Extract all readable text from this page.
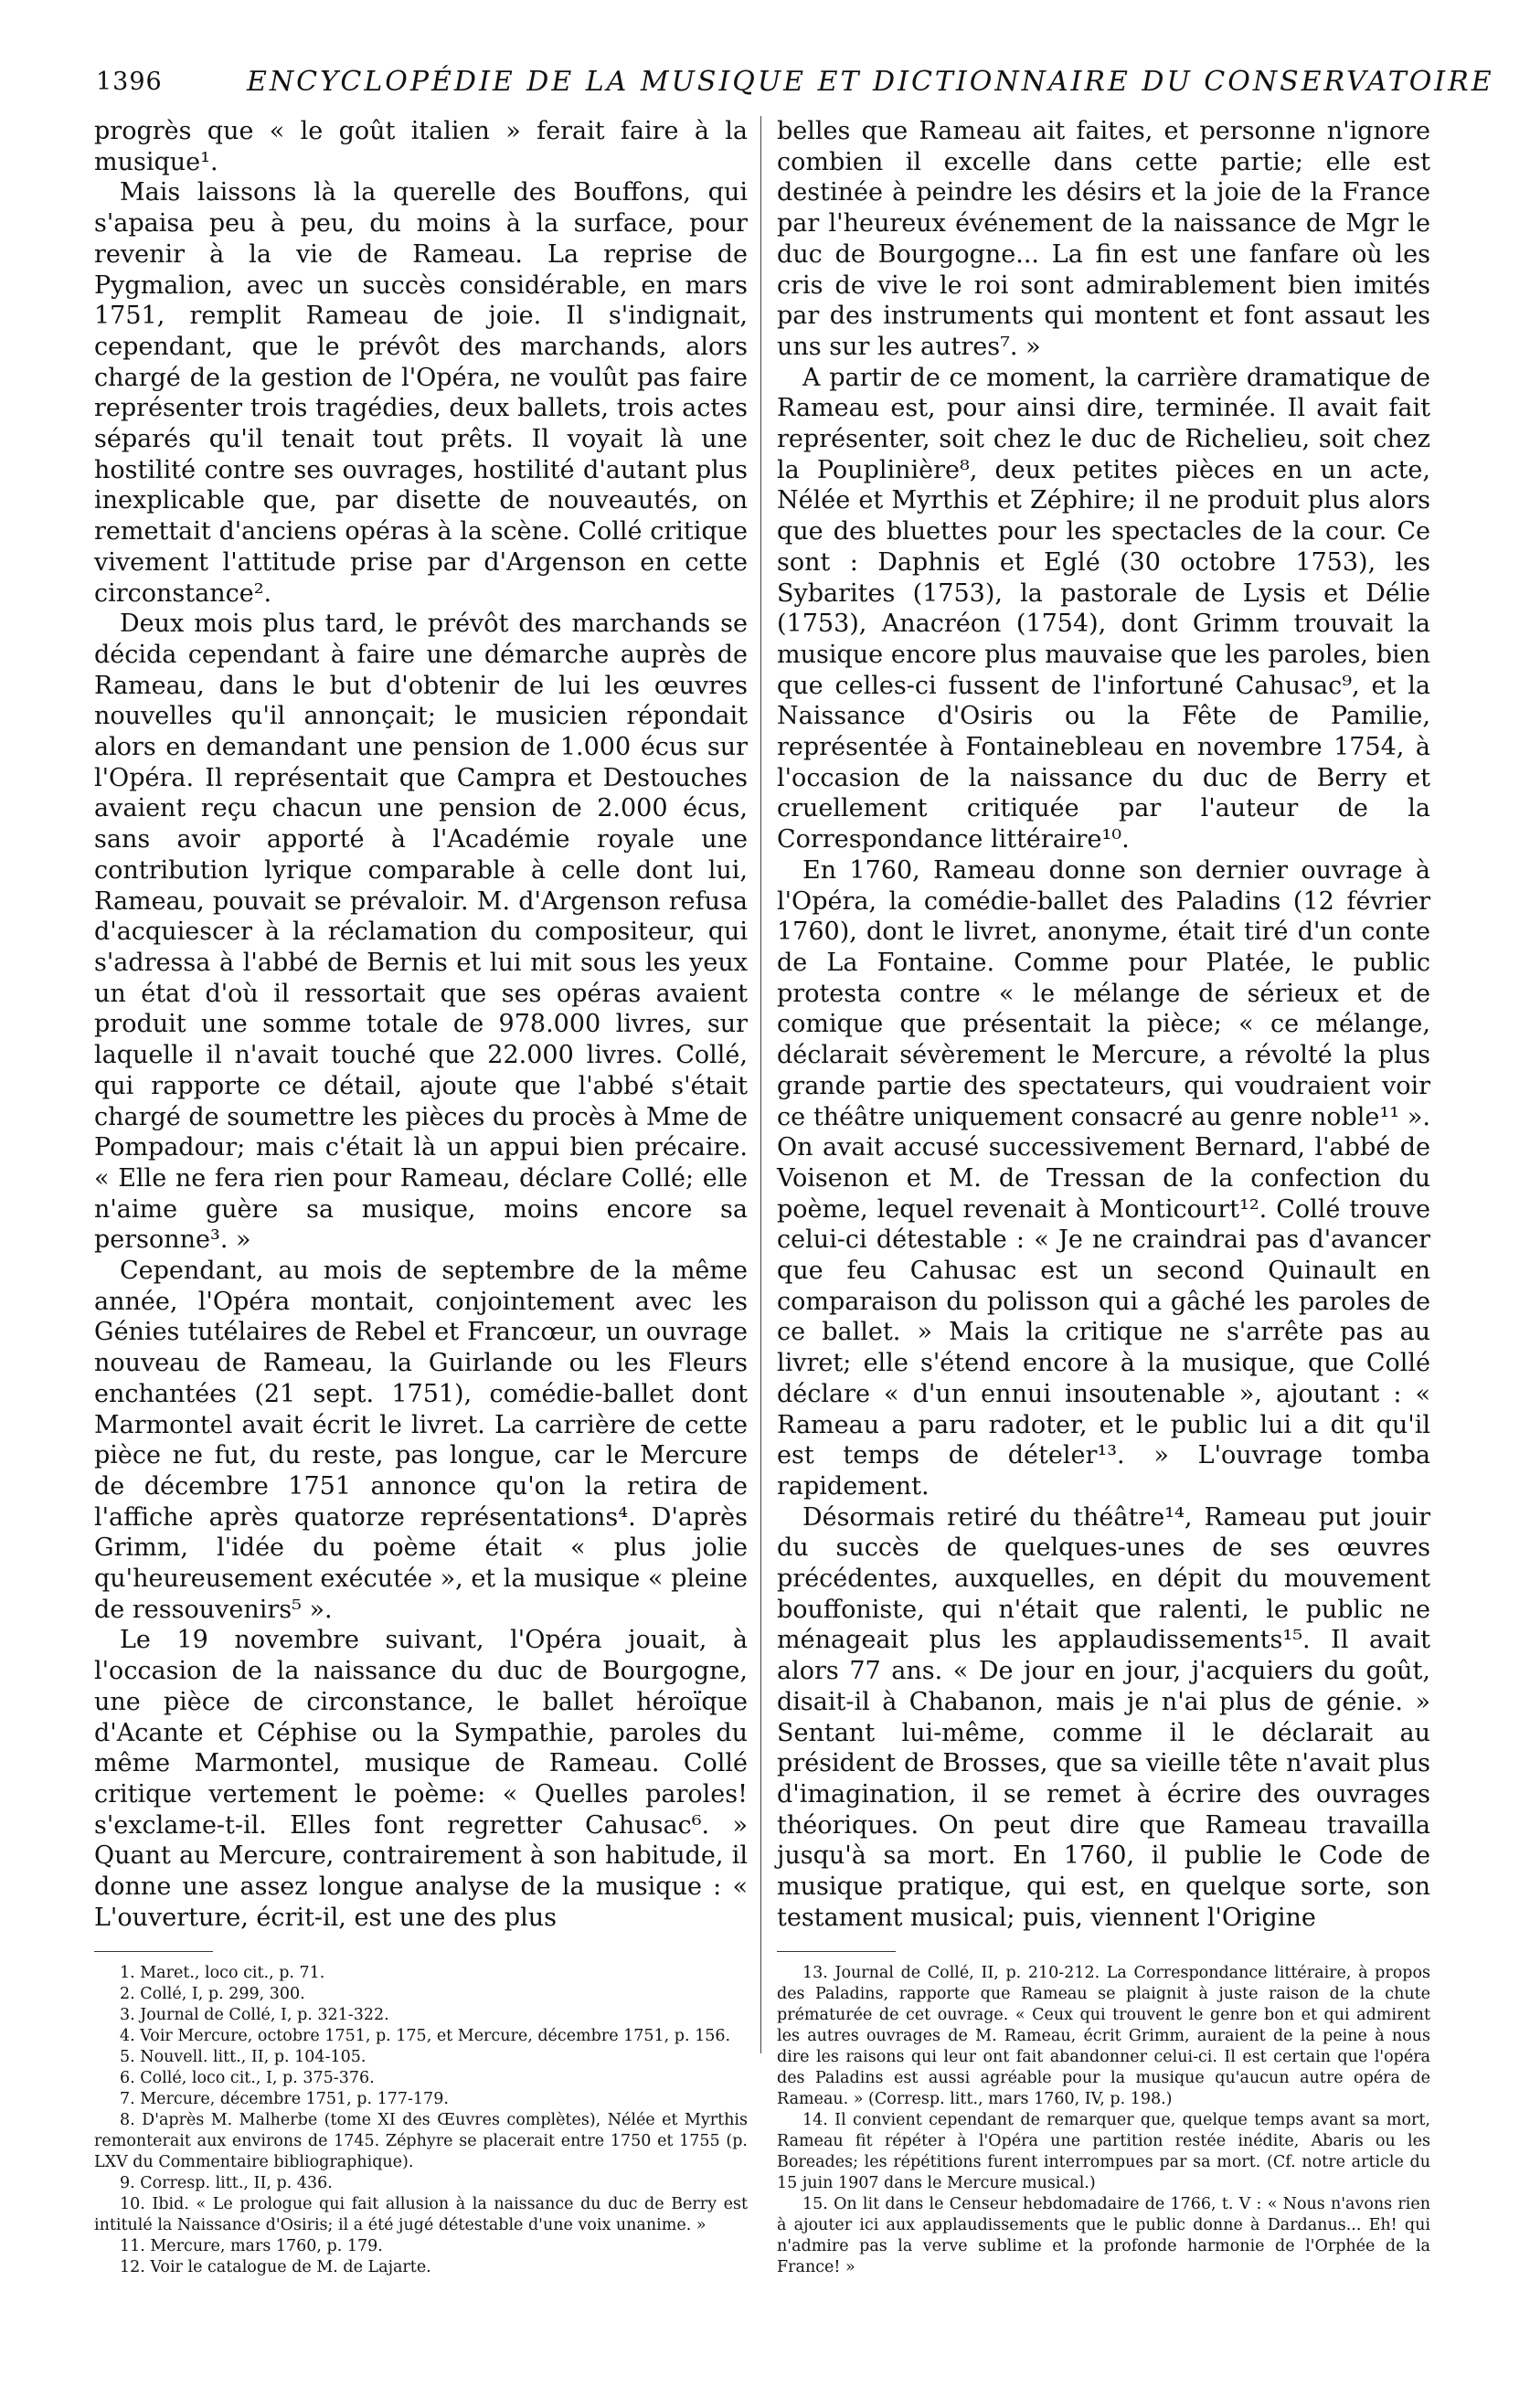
1396	ENCYCLOPÉDIE DE LA MUSIQUE ET DICTIONNAIRE DU CONSERVATOIRE

progrès que « le goût italien » ferait faire à la musique¹.

Mais laissons là la querelle des Bouffons, qui s'apaisa peu à peu, du moins à la surface, pour revenir à la vie de Rameau. La reprise de Pygmalion, avec un succès considérable, en mars 1751, remplit Rameau de joie. Il s'indignait, cependant, que le prévôt des marchands, alors chargé de la gestion de l'Opéra, ne voulût pas faire représenter trois tragédies, deux ballets, trois actes séparés qu'il tenait tout prêts. Il voyait là une hostilité contre ses ouvrages, hostilité d'autant plus inexplicable que, par disette de nouveautés, on remettait d'anciens opéras à la scène. Collé critique vivement l'attitude prise par d'Argenson en cette circonstance².

Deux mois plus tard, le prévôt des marchands se décida cependant à faire une démarche auprès de Rameau, dans le but d'obtenir de lui les œuvres nouvelles qu'il annonçait; le musicien répondait alors en demandant une pension de 1.000 écus sur l'Opéra. Il représentait que Campra et Destouches avaient reçu chacun une pension de 2.000 écus, sans avoir apporté à l'Académie royale une contribution lyrique comparable à celle dont lui, Rameau, pouvait se prévaloir. M. d'Argenson refusa d'acquiescer à la réclamation du compositeur, qui s'adressa à l'abbé de Bernis et lui mit sous les yeux un état d'où il ressortait que ses opéras avaient produit une somme totale de 978.000 livres, sur laquelle il n'avait touché que 22.000 livres. Collé, qui rapporte ce détail, ajoute que l'abbé s'était chargé de soumettre les pièces du procès à Mme de Pompadour; mais c'était là un appui bien précaire. « Elle ne fera rien pour Rameau, déclare Collé; elle n'aime guère sa musique, moins encore sa personne³. »

Cependant, au mois de septembre de la même année, l'Opéra montait, conjointement avec les Génies tutélaires de Rebel et Francœur, un ouvrage nouveau de Rameau, la Guirlande ou les Fleurs enchantées (21 sept. 1751), comédie-ballet dont Marmontel avait écrit le livret. La carrière de cette pièce ne fut, du reste, pas longue, car le Mercure de décembre 1751 annonce qu'on la retira de l'affiche après quatorze représentations⁴. D'après Grimm, l'idée du poème était « plus jolie qu'heureusement exécutée », et la musique « pleine de ressouvenirs⁵ ».

Le 19 novembre suivant, l'Opéra jouait, à l'occasion de la naissance du duc de Bourgogne, une pièce de circonstance, le ballet héroïque d'Acante et Céphise ou la Sympathie, paroles du même Marmontel, musique de Rameau. Collé critique vertement le poème: « Quelles paroles! s'exclame-t-il. Elles font regretter Cahusac⁶. » Quant au Mercure, contrairement à son habitude, il donne une assez longue analyse de la musique : « L'ouverture, écrit-il, est une des plus

1. Maret., loco cit., p. 71.

2. Collé, I, p. 299, 300.

3. Journal de Collé, I, p. 321-322.

4. Voir Mercure, octobre 1751, p. 175, et Mercure, décembre 1751, p. 156.

5. Nouvell. litt., II, p. 104-105.

6. Collé, loco cit., I, p. 375-376.

7. Mercure, décembre 1751, p. 177-179.

8. D'après M. Malherbe (tome XI des Œuvres complètes), Nélée et Myrthis remonterait aux environs de 1745. Zéphyre se placerait entre 1750 et 1755 (p. LXV du Commentaire bibliographique).

9. Corresp. litt., II, p. 436.

10. Ibid. « Le prologue qui fait allusion à la naissance du duc de Berry est intitulé la Naissance d'Osiris; il a été jugé détestable d'une voix unanime. »

11. Mercure, mars 1760, p. 179.

12. Voir le catalogue de M. de Lajarte.

belles que Rameau ait faites, et personne n'ignore combien il excelle dans cette partie; elle est destinée à peindre les désirs et la joie de la France par l'heureux événement de la naissance de Mgr le duc de Bourgogne... La fin est une fanfare où les cris de vive le roi sont admirablement bien imités par des instruments qui montent et font assaut les uns sur les autres⁷. »

A partir de ce moment, la carrière dramatique de Rameau est, pour ainsi dire, terminée. Il avait fait représenter, soit chez le duc de Richelieu, soit chez la Pouplinière⁸, deux petites pièces en un acte, Nélée et Myrthis et Zéphire; il ne produit plus alors que des bluettes pour les spectacles de la cour. Ce sont : Daphnis et Eglé (30 octobre 1753), les Sybarites (1753), la pastorale de Lysis et Délie (1753), Anacréon (1754), dont Grimm trouvait la musique encore plus mauvaise que les paroles, bien que celles-ci fussent de l'infortuné Cahusac⁹, et la Naissance d'Osiris ou la Fête de Pamilie, représentée à Fontainebleau en novembre 1754, à l'occasion de la naissance du duc de Berry et cruellement critiquée par l'auteur de la Correspondance littéraire¹⁰.

En 1760, Rameau donne son dernier ouvrage à l'Opéra, la comédie-ballet des Paladins (12 février 1760), dont le livret, anonyme, était tiré d'un conte de La Fontaine. Comme pour Platée, le public protesta contre « le mélange de sérieux et de comique que présentait la pièce; « ce mélange, déclarait sévèrement le Mercure, a révolté la plus grande partie des spectateurs, qui voudraient voir ce théâtre uniquement consacré au genre noble¹¹ ». On avait accusé successivement Bernard, l'abbé de Voisenon et M. de Tressan de la confection du poème, lequel revenait à Monticourt¹². Collé trouve celui-ci détestable : « Je ne craindrai pas d'avancer que feu Cahusac est un second Quinault en comparaison du polisson qui a gâché les paroles de ce ballet. » Mais la critique ne s'arrête pas au livret; elle s'étend encore à la musique, que Collé déclare « d'un ennui insoutenable », ajoutant : « Rameau a paru radoter, et le public lui a dit qu'il est temps de dételer¹³. » L'ouvrage tomba rapidement.

Désormais retiré du théâtre¹⁴, Rameau put jouir du succès de quelques-unes de ses œuvres précédentes, auxquelles, en dépit du mouvement bouffoniste, qui n'était que ralenti, le public ne ménageait plus les applaudissements¹⁵. Il avait alors 77 ans. « De jour en jour, j'acquiers du goût, disait-il à Chabanon, mais je n'ai plus de génie. » Sentant lui-même, comme il le déclarait au président de Brosses, que sa vieille tête n'avait plus d'imagination, il se remet à écrire des ouvrages théoriques. On peut dire que Rameau travailla jusqu'à sa mort. En 1760, il publie le Code de musique pratique, qui est, en quelque sorte, son testament musical; puis, viennent l'Origine

13. Journal de Collé, II, p. 210-212. La Correspondance littéraire, à propos des Paladins, rapporte que Rameau se plaignit à juste raison de la chute prématurée de cet ouvrage. « Ceux qui trouvent le genre bon et qui admirent les autres ouvrages de M. Rameau, écrit Grimm, auraient de la peine à nous dire les raisons qui leur ont fait abandonner celui-ci. Il est certain que l'opéra des Paladins est aussi agréable pour la musique qu'aucun autre opéra de Rameau. » (Corresp. litt., mars 1760, IV, p. 198.)

14. Il convient cependant de remarquer que, quelque temps avant sa mort, Rameau fit répéter à l'Opéra une partition restée inédite, Abaris ou les Boreades; les répétitions furent interrompues par sa mort. (Cf. notre article du 15 juin 1907 dans le Mercure musical.)

15. On lit dans le Censeur hebdomadaire de 1766, t. V : « Nous n'avons rien à ajouter ici aux applaudissements que le public donne à Dardanus... Eh! qui n'admire pas la verve sublime et la profonde harmonie de l'Orphée de la France! »
